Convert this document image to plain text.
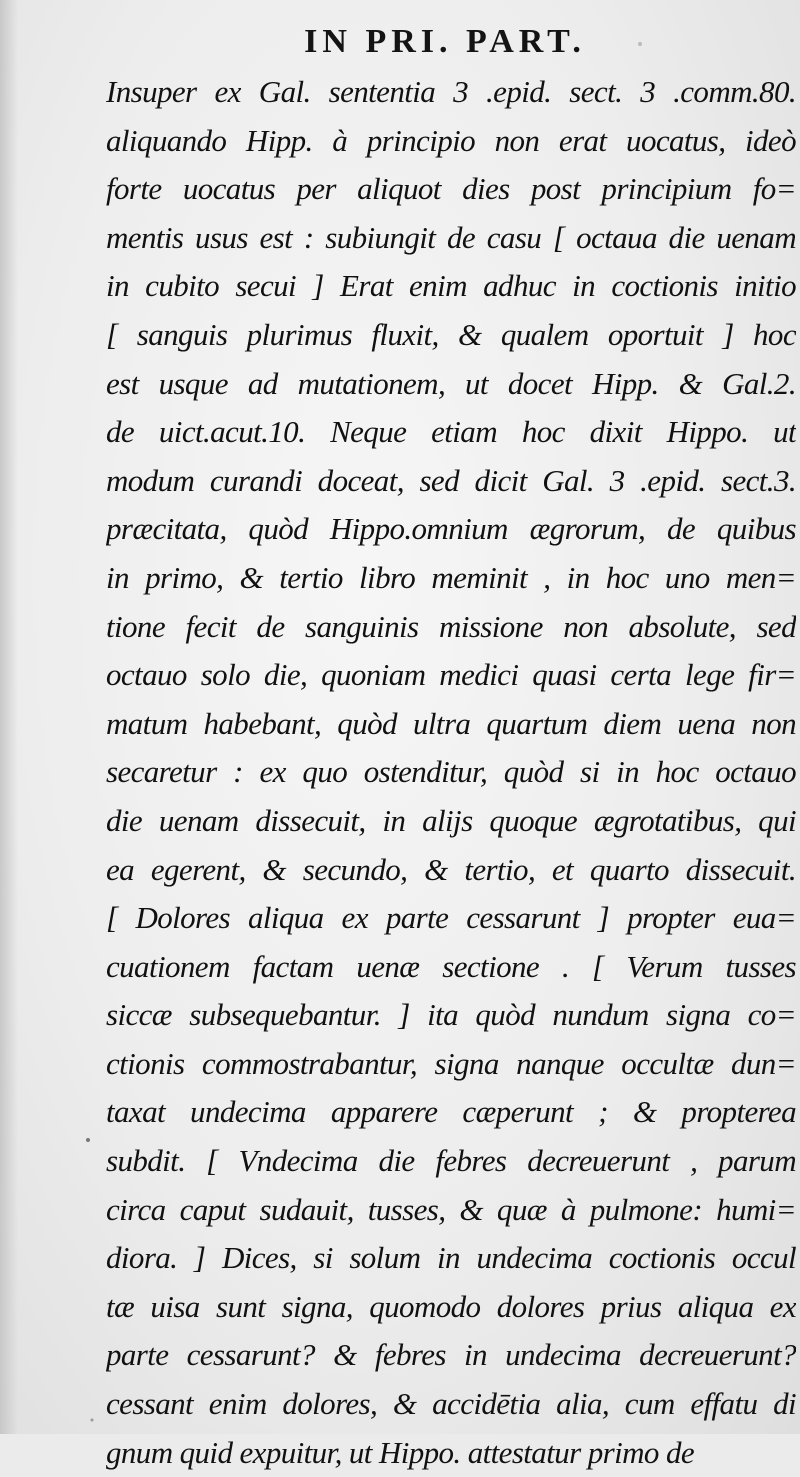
IN PRI. PART.
Insuper ex Gal. sententia 3 .epid. sect. 3 .comm.80.
aliquando Hipp. à principio non erat uocatus, ideò
forte uocatus per aliquot dies post principium fo=
mentis usus est : subiungit de casu [ octaua die uenam
in cubito secui ] Erat enim adhuc in coctionis initio
[ sanguis plurimus fluxit, & qualem oportuit ] hoc
est usque ad mutationem, ut docet Hipp. & Gal.2.
de uict.acut.10. Neque etiam hoc dixit Hippo. ut
modum curandi doceat, sed dicit Gal. 3 .epid. sect.3.
præcitata, quòd Hippo.omnium ægrorum, de quibus
in primo, & tertio libro meminit , in hoc uno men=
tione fecit de sanguinis missione non absolute, sed
octauo solo die, quoniam medici quasi certa lege fir=
matum habebant, quòd ultra quartum diem uena non
secaretur : ex quo ostenditur, quòd si in hoc octauo
die uenam dissecuit, in alijs quoque ægrotatibus, qui
ea egerent, & secundo, & tertio, et quarto dissecuit.
[ Dolores aliqua ex parte cessarunt ] propter eua=
cuationem factam uenæ sectione . [ Verum tusses
siccæ subsequebantur. ] ita quòd nundum signa co=
ctionis commostrabantur, signa nanque occultæ dun=
taxat undecima apparere cæperunt ; & propterea
subdit. [ Vndecima die febres decreuerunt , parum
circa caput sudauit, tusses, & quæ à pulmone: humi=
diora. ] Dices, si solum in undecima coctionis occul
tæ uisa sunt signa, quomodo dolores prius aliqua ex
parte cessarunt? & febres in undecima decreuerunt?
cessant enim dolores, & accidētia alia, cum effatu di
gnum quid expuitur, ut Hippo. attestatur primo de
